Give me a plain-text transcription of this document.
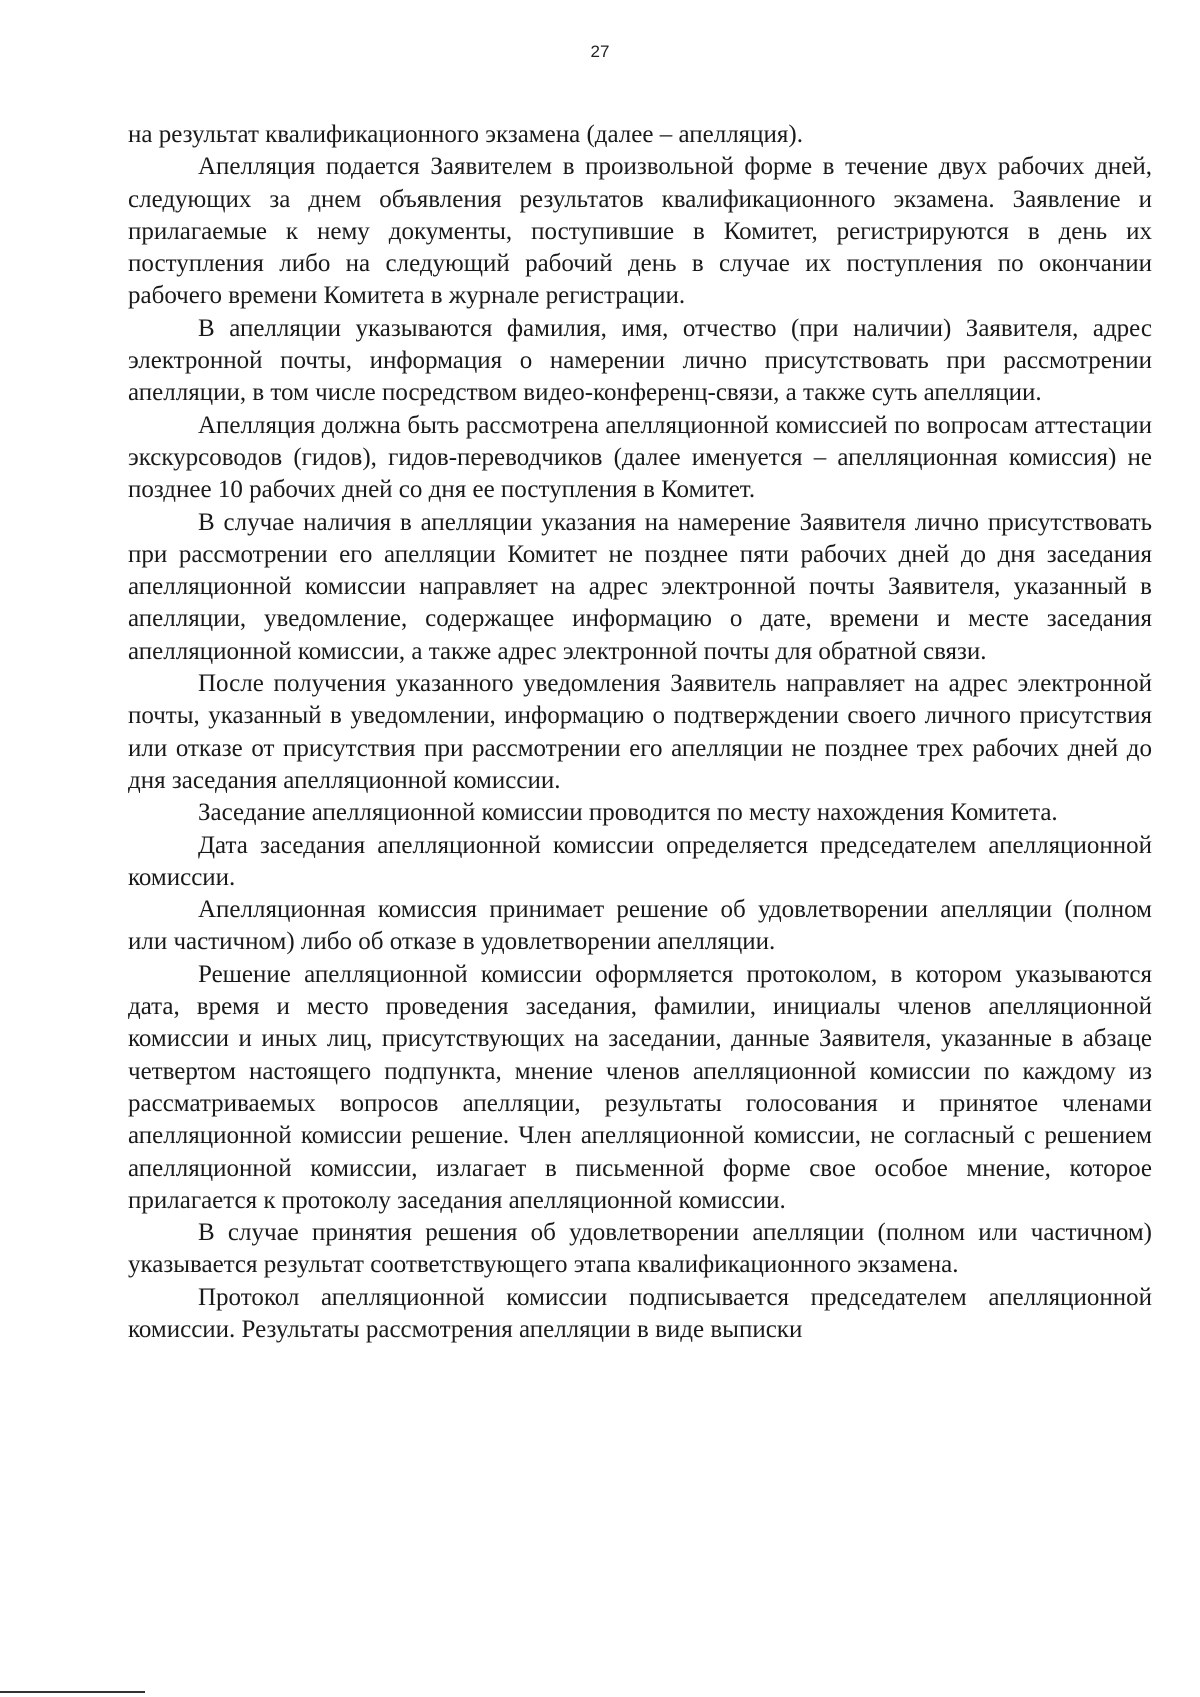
27

на результат квалификационного экзамена (далее – апелляция).

Апелляция подается Заявителем в произвольной форме в течение двух рабочих дней, следующих за днем объявления результатов квалификационного экзамена. Заявление и прилагаемые к нему документы, поступившие в Комитет, регистрируются в день их поступления либо на следующий рабочий день в случае их поступления по окончании рабочего времени Комитета в журнале регистрации.

В апелляции указываются фамилия, имя, отчество (при наличии) Заявителя, адрес электронной почты, информация о намерении лично присутствовать при рассмотрении апелляции, в том числе посредством видео-конференц-связи, а также суть апелляции.

Апелляция должна быть рассмотрена апелляционной комиссией по вопросам аттестации экскурсоводов (гидов), гидов-переводчиков (далее именуется – апелляционная комиссия) не позднее 10 рабочих дней со дня ее поступления в Комитет.

В случае наличия в апелляции указания на намерение Заявителя лично присутствовать при рассмотрении его апелляции Комитет не позднее пяти рабочих дней до дня заседания апелляционной комиссии направляет на адрес электронной почты Заявителя, указанный в апелляции, уведомление, содержащее информацию о дате, времени и месте заседания апелляционной комиссии, а также адрес электронной почты для обратной связи.

После получения указанного уведомления Заявитель направляет на адрес электронной почты, указанный в уведомлении, информацию о подтверждении своего личного присутствия или отказе от присутствия при рассмотрении его апелляции не позднее трех рабочих дней до дня заседания апелляционной комиссии.

Заседание апелляционной комиссии проводится по месту нахождения Комитета.

Дата заседания апелляционной комиссии определяется председателем апелляционной комиссии.

Апелляционная комиссия принимает решение об удовлетворении апелляции (полном или частичном) либо об отказе в удовлетворении апелляции.

Решение апелляционной комиссии оформляется протоколом, в котором указываются дата, время и место проведения заседания, фамилии, инициалы членов апелляционной комиссии и иных лиц, присутствующих на заседании, данные Заявителя, указанные в абзаце четвертом настоящего подпункта, мнение членов апелляционной комиссии по каждому из рассматриваемых вопросов апелляции, результаты голосования и принятое членами апелляционной комиссии решение. Член апелляционной комиссии, не согласный с решением апелляционной комиссии, излагает в письменной форме свое особое мнение, которое прилагается к протоколу заседания апелляционной комиссии.

В случае принятия решения об удовлетворении апелляции (полном или частичном) указывается результат соответствующего этапа квалификационного экзамена.

Протокол апелляционной комиссии подписывается председателем апелляционной комиссии. Результаты рассмотрения апелляции в виде выписки
